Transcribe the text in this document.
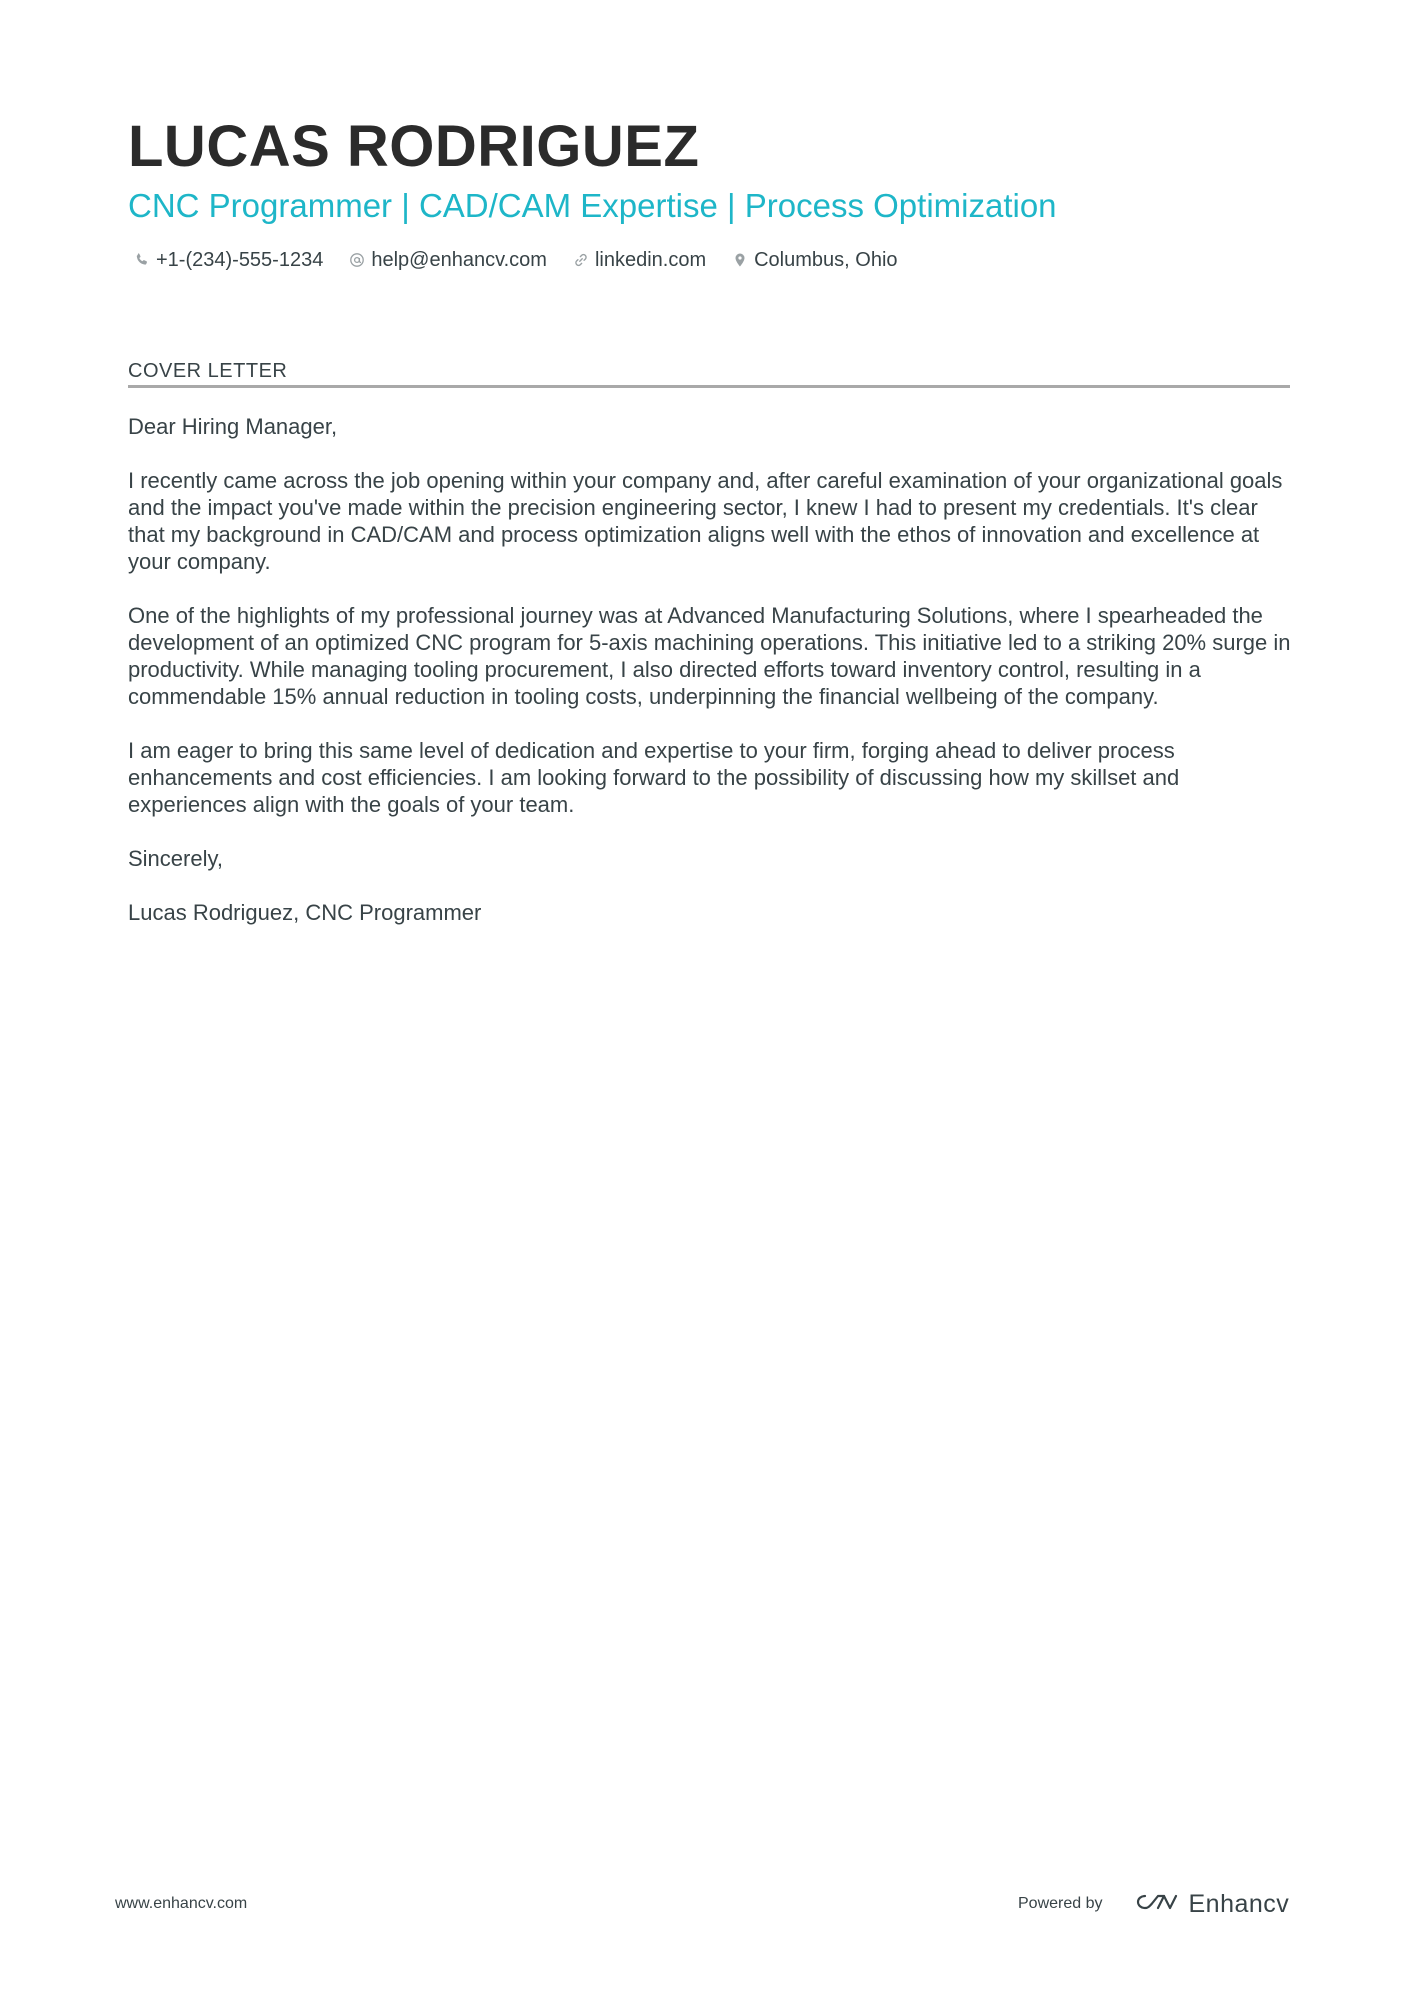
LUCAS RODRIGUEZ
CNC Programmer | CAD/CAM Expertise | Process Optimization
+1-(234)-555-1234 help@enhancv.com linkedin.com Columbus, Ohio
COVER LETTER

Dear Hiring Manager,

I recently came across the job opening within your company and, after careful examination of your organizational goals and the impact you've made within the precision engineering sector, I knew I had to present my credentials. It's clear that my background in CAD/CAM and process optimization aligns well with the ethos of innovation and excellence at your company.

One of the highlights of my professional journey was at Advanced Manufacturing Solutions, where I spearheaded the development of an optimized CNC program for 5-axis machining operations. This initiative led to a striking 20% surge in productivity. While managing tooling procurement, I also directed efforts toward inventory control, resulting in a commendable 15% annual reduction in tooling costs, underpinning the financial wellbeing of the company.

I am eager to bring this same level of dedication and expertise to your firm, forging ahead to deliver process enhancements and cost efficiencies. I am looking forward to the possibility of discussing how my skillset and experiences align with the goals of your team.

Sincerely,

Lucas Rodriguez, CNC Programmer

www.enhancv.com	Powered by	Enhancv
